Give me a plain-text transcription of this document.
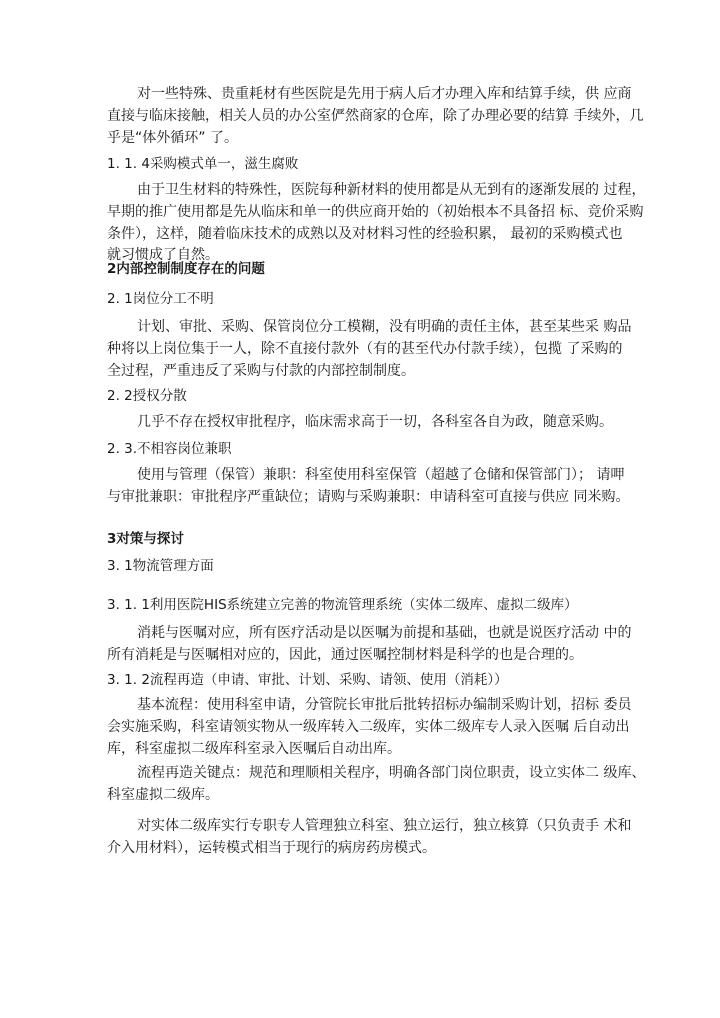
对一些特殊、贵重耗材有些医院是先用于病人后才办理入库和结算手续，供 应商
直接与临床接触，相关人员的办公室俨然商家的仓库，除了办理必要的结算 手续外，几
乎是“体外循环” 了。
1. 1. 4采购模式单一，滋生腐败
由于卫生材料的特殊性，医院每种新材料的使用都是从无到有的逐渐发展的 过程，
早期的推广使用都是先从临床和单一的供应商开始的（初始根本不具备招 标、竞价采购
条件），这样，随着临床技术的成熟以及对材料习性的经验积累， 最初的采购模式也
就习惯成了自然。
2内部控制制度存在的问题
2. 1岗位分工不明
计划、审批、采购、保管岗位分工模糊，没有明确的责任主体，甚至某些采 购品
种将以上岗位集于一人，除不直接付款外（有的甚至代办付款手续），包揽 了采购的
全过程，严重违反了采购与付款的内部控制制度。
2. 2授权分散
几乎不存在授权审批程序，临床需求高于一切，各科室各自为政，随意采购。
2. 3.不相容岗位兼职
使用与管理（保管）兼职：科室使用科室保管（超越了仓储和保管部门）； 请呷
与审批兼职：审批程序严重缺位；请购与采购兼职：申请科室可直接与供应 同米购。
3对策与探讨
3. 1物流管理方面
3. 1. 1利用医院HIS系统建立完善的物流管理系统（实体二级库、虚拟二级库）
消耗与医嘱对应，所有医疗活动是以医嘱为前提和基础，也就是说医疗活动 中的
所有消耗是与医嘱相对应的，因此，通过医嘱控制材料是科学的也是合理的。
3. 1. 2流程再造（申请、审批、计划、采购、请领、使用（消耗））
基本流程：使用科室申请，分管院长审批后批转招标办编制采购计划，招标 委员
会实施采购，科室请领实物从一级库转入二级库，实体二级库专人录入医嘱 后自动出
库，科室虚拟二级库科室录入医嘱后自动出库。
流程再造关键点：规范和理顺相关程序，明确各部门岗位职责，设立实体二 级库、
科室虚拟二级库。
对实体二级库实行专职专人管理独立科室、独立运行，独立核算（只负责手 术和
介入用材料），运转模式相当于现行的病房药房模式。
